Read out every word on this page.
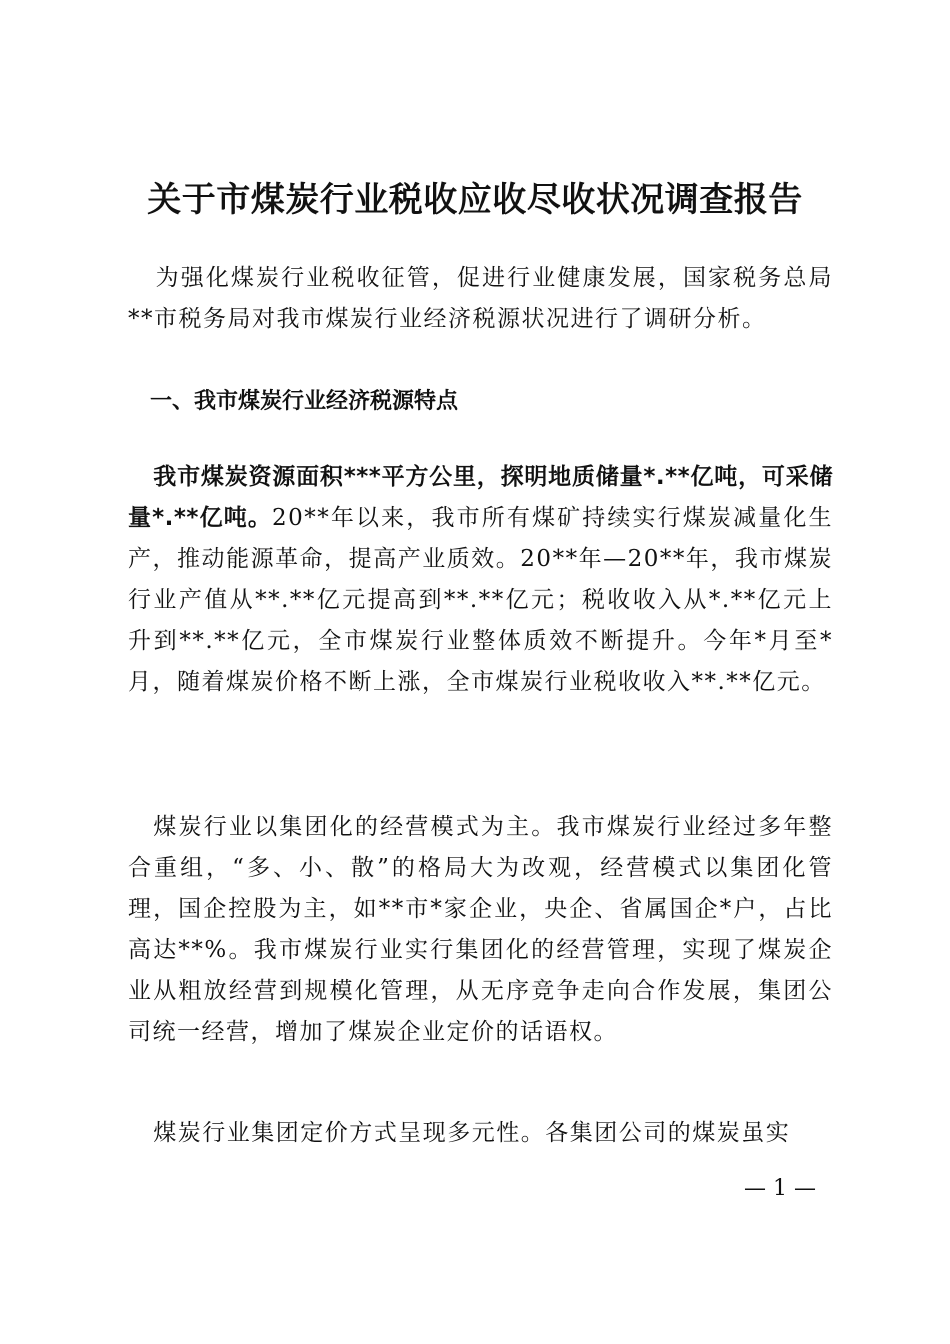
关于市煤炭行业税收应收尽收状况调查报告

为强化煤炭行业税收征管，促进行业健康发展，国家税务总局**市税务局对我市煤炭行业经济税源状况进行了调研分析。

一、我市煤炭行业经济税源特点

我市煤炭资源面积***平方公里，探明地质储量*.**亿吨，可采储量*.**亿吨。20**年以来，我市所有煤矿持续实行煤炭减量化生产，推动能源革命，提高产业质效。20**年—20**年，我市煤炭行业产值从**.**亿元提高到**.**亿元；税收收入从*.**亿元上升到**.**亿元，全市煤炭行业整体质效不断提升。今年*月至*月，随着煤炭价格不断上涨，全市煤炭行业税收收入**.**亿元。

煤炭行业以集团化的经营模式为主。我市煤炭行业经过多年整合重组，“多、小、散”的格局大为改观，经营模式以集团化管理，国企控股为主，如**市*家企业，央企、省属国企*户，占比高达**%。我市煤炭行业实行集团化的经营管理，实现了煤炭企业从粗放经营到规模化管理，从无序竞争走向合作发展，集团公司统一经营，增加了煤炭企业定价的话语权。

煤炭行业集团定价方式呈现多元性。各集团公司的煤炭虽实

— 1 —
